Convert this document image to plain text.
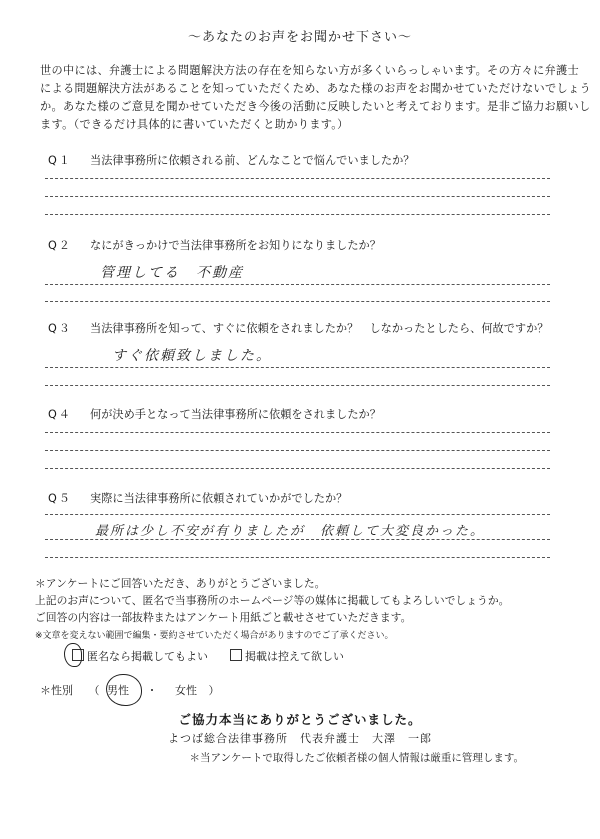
～あなたのお声をお聞かせ下さい～
世の中には、弁護士による問題解決方法の存在を知らない方が多くいらっしゃいます。その方々に弁護士
による問題解決方法があることを知っていただくため、あなた様のお声をお聞かせていただけないでしょう
か。あなた様のご意見を聞かせていただき今後の活動に反映したいと考えております。是非ご協力お願いし
ます。（できるだけ具体的に書いていただくと助かります。）
Q１ 当法律事務所に依頼される前、どんなことで悩んでいましたか？
Q２ なにがきっかけで当法律事務所をお知りになりましたか？
管理してる　不動産
Q３ 当法律事務所を知って、すぐに依頼をされましたか？　しなかったとしたら、何故ですか？
すぐ依頼致しました。
Q４ 何が決め手となって当法律事務所に依頼をされましたか？
Q５ 実際に当法律事務所に依頼されていかがでしたか？
最所は少し不安が有りましたが　依頼して大変良かった。
＊アンケートにご回答いただき、ありがとうございました。
上記のお声について、匿名で当事務所のホームページ等の媒体に掲載してもよろしいでしょうか。
ご回答の内容は一部抜粋またはアンケート用紙ごと載せさせていただきます。
※文章を変えない範囲で編集・要約させていただく場合がありますのでご了承ください。
匿名なら掲載してもよい	掲載は控えて欲しい
＊性別 （ 男性 ・ 女性 ）
ご協力本当にありがとうございました。
よつば総合法律事務所　代表弁護士　大澤　一郎
＊当アンケートで取得したご依頼者様の個人情報は厳重に管理します。
